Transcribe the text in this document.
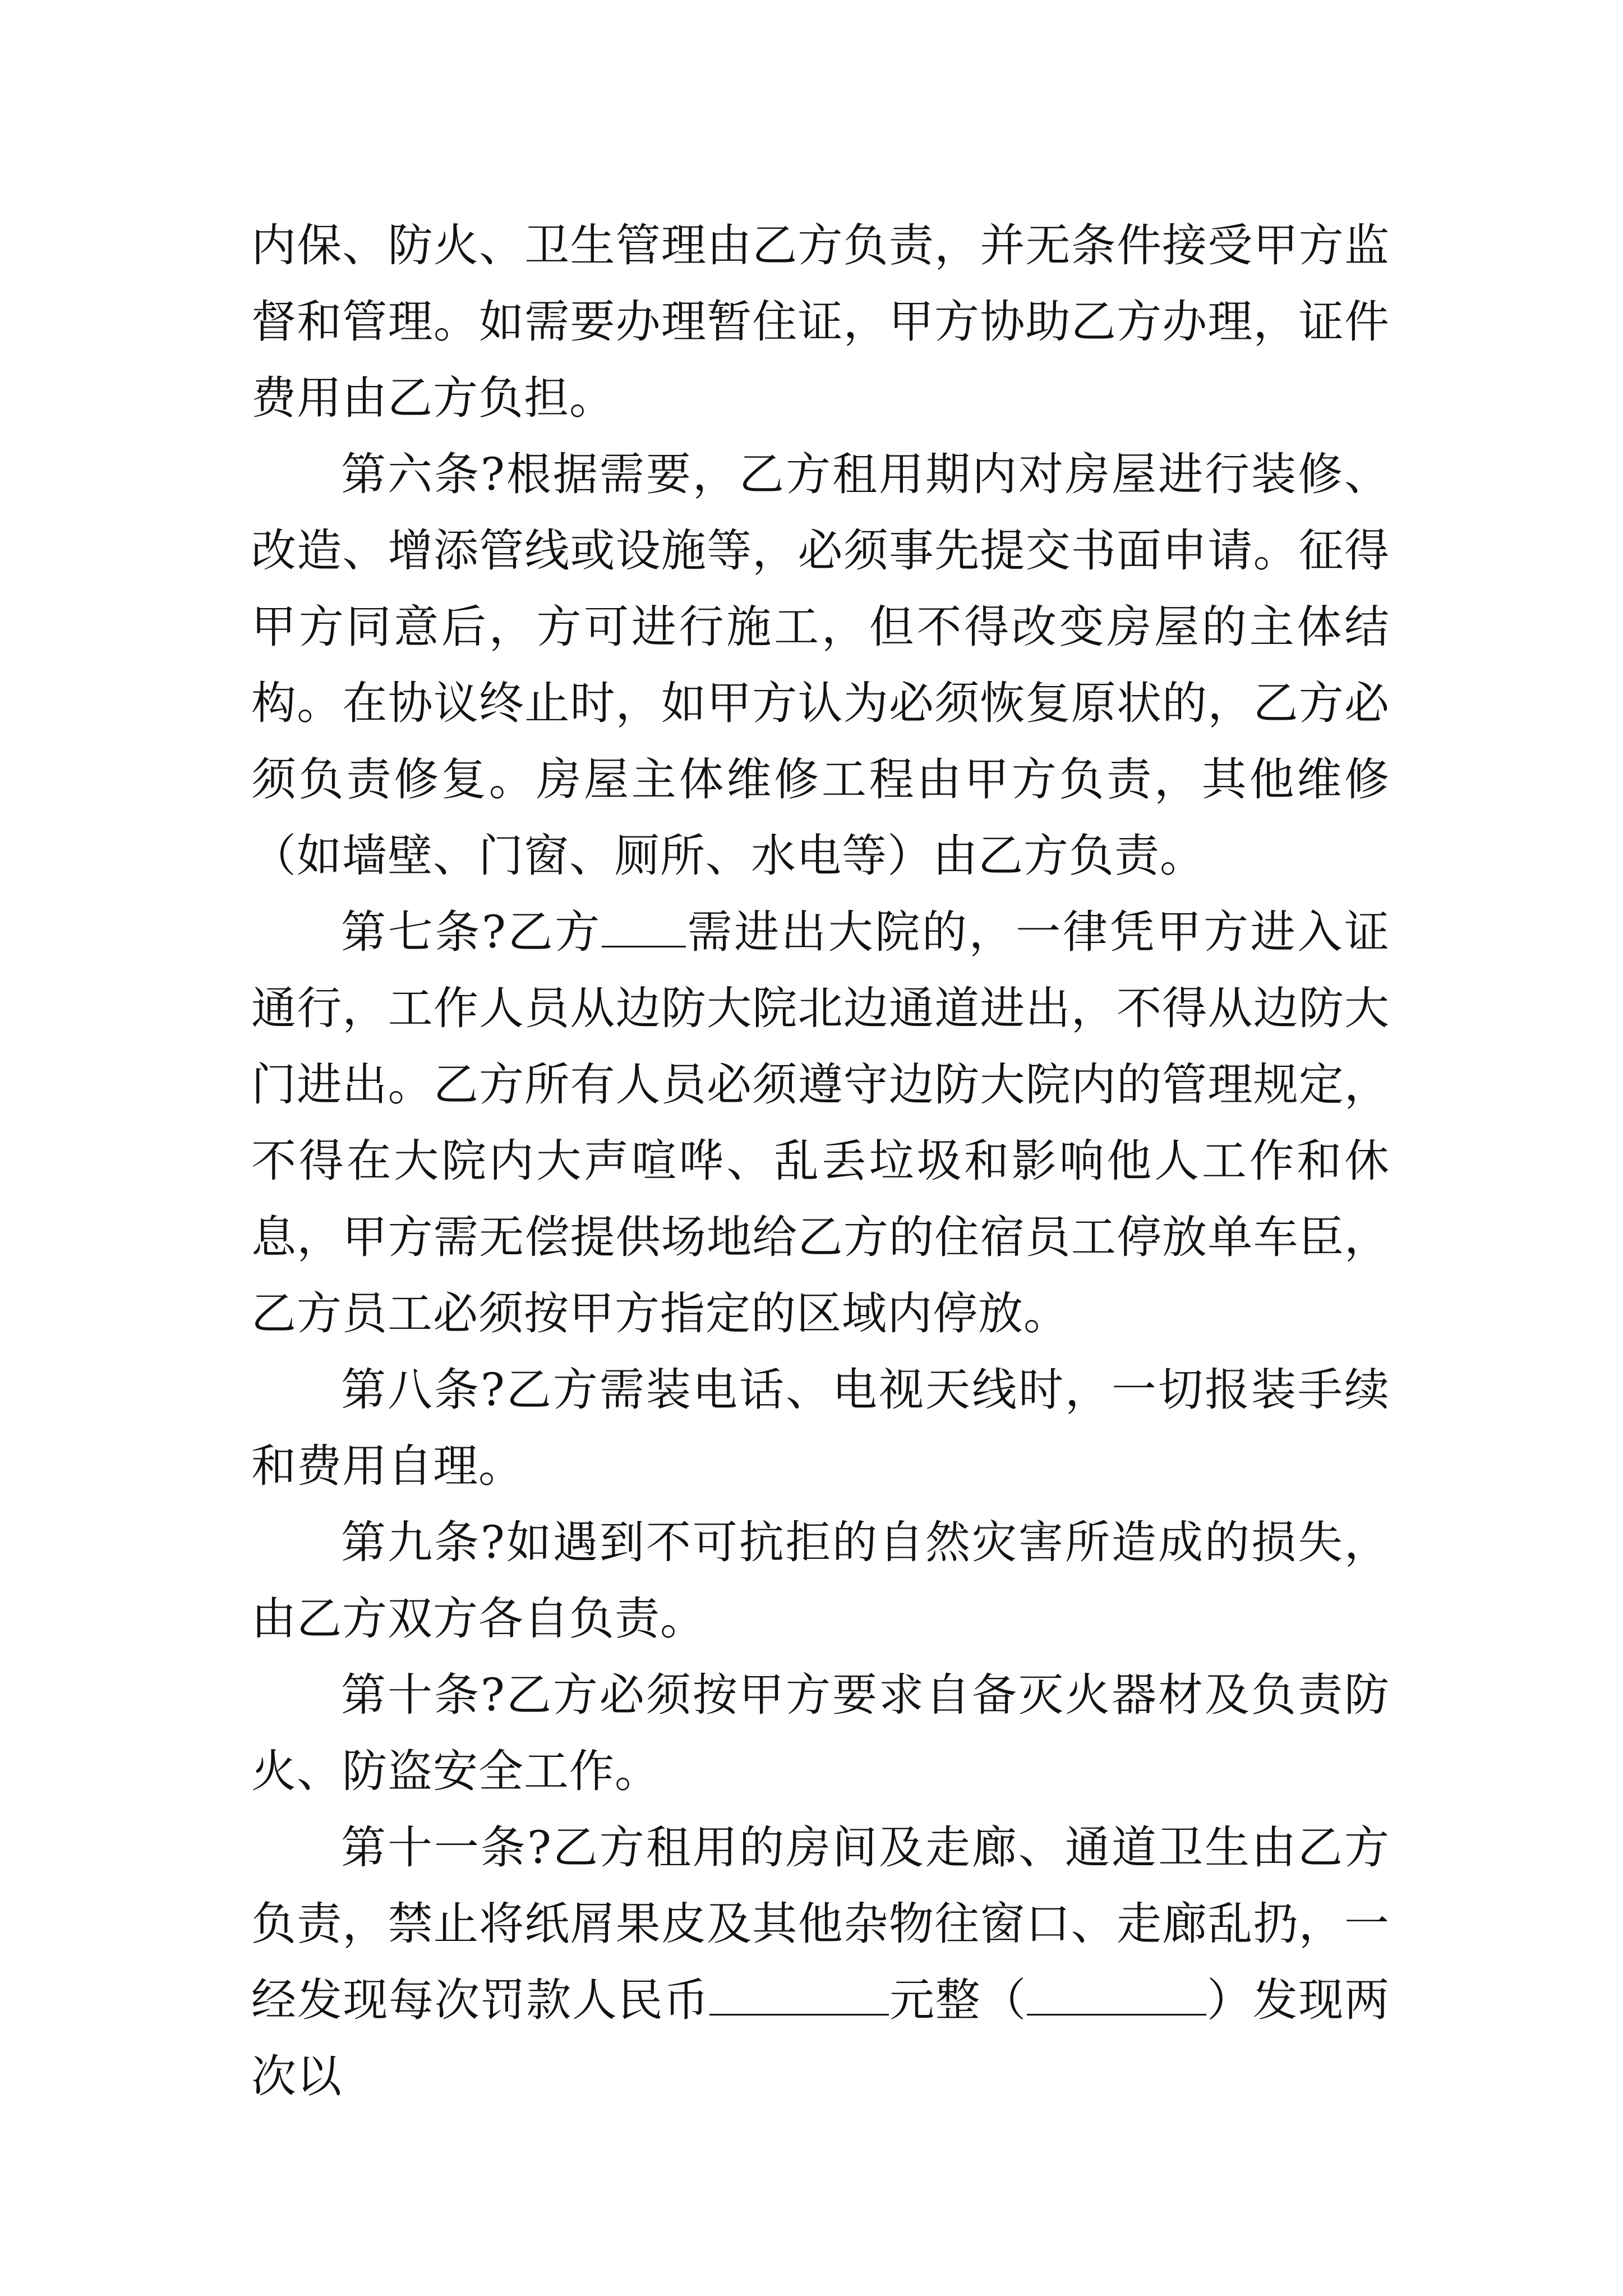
内保、防火、卫生管理由乙方负责，并无条件接受甲方监督和管理。如需要办理暂住证，甲方协助乙方办理，证件费用由乙方负担。

第六条?根据需要，乙方租用期内对房屋进行装修、改造、增添管线或设施等，必须事先提交书面申请。征得甲方同意后，方可进行施工，但不得改变房屋的主体结构。在协议终止时，如甲方认为必须恢复原状的，乙方必须负责修复。房屋主体维修工程由甲方负责，其他维修（如墙壁、门窗、厕所、水电等）由乙方负责。

第七条?乙方 需进出大院的，一律凭甲方进入证通行，工作人员从边防大院北边通道进出，不得从边防大门进出。乙方所有人员必须遵守边防大院内的管理规定，不得在大院内大声喧哗、乱丢垃圾和影响他人工作和休息，甲方需无偿提供场地给乙方的住宿员工停放单车臣，乙方员工必须按甲方指定的区域内停放。

第八条?乙方需装电话、电视天线时，一切报装手续和费用自理。

第九条?如遇到不可抗拒的自然灾害所造成的损失，由乙方双方各自负责。

第十条?乙方必须按甲方要求自备灭火器材及负责防火、防盗安全工作。

第十一条?乙方租用的房间及走廊、通道卫生由乙方负责，禁止将纸屑果皮及其他杂物往窗口、走廊乱扔，一经发现每次罚款人民币	元整（	）发现两次以
